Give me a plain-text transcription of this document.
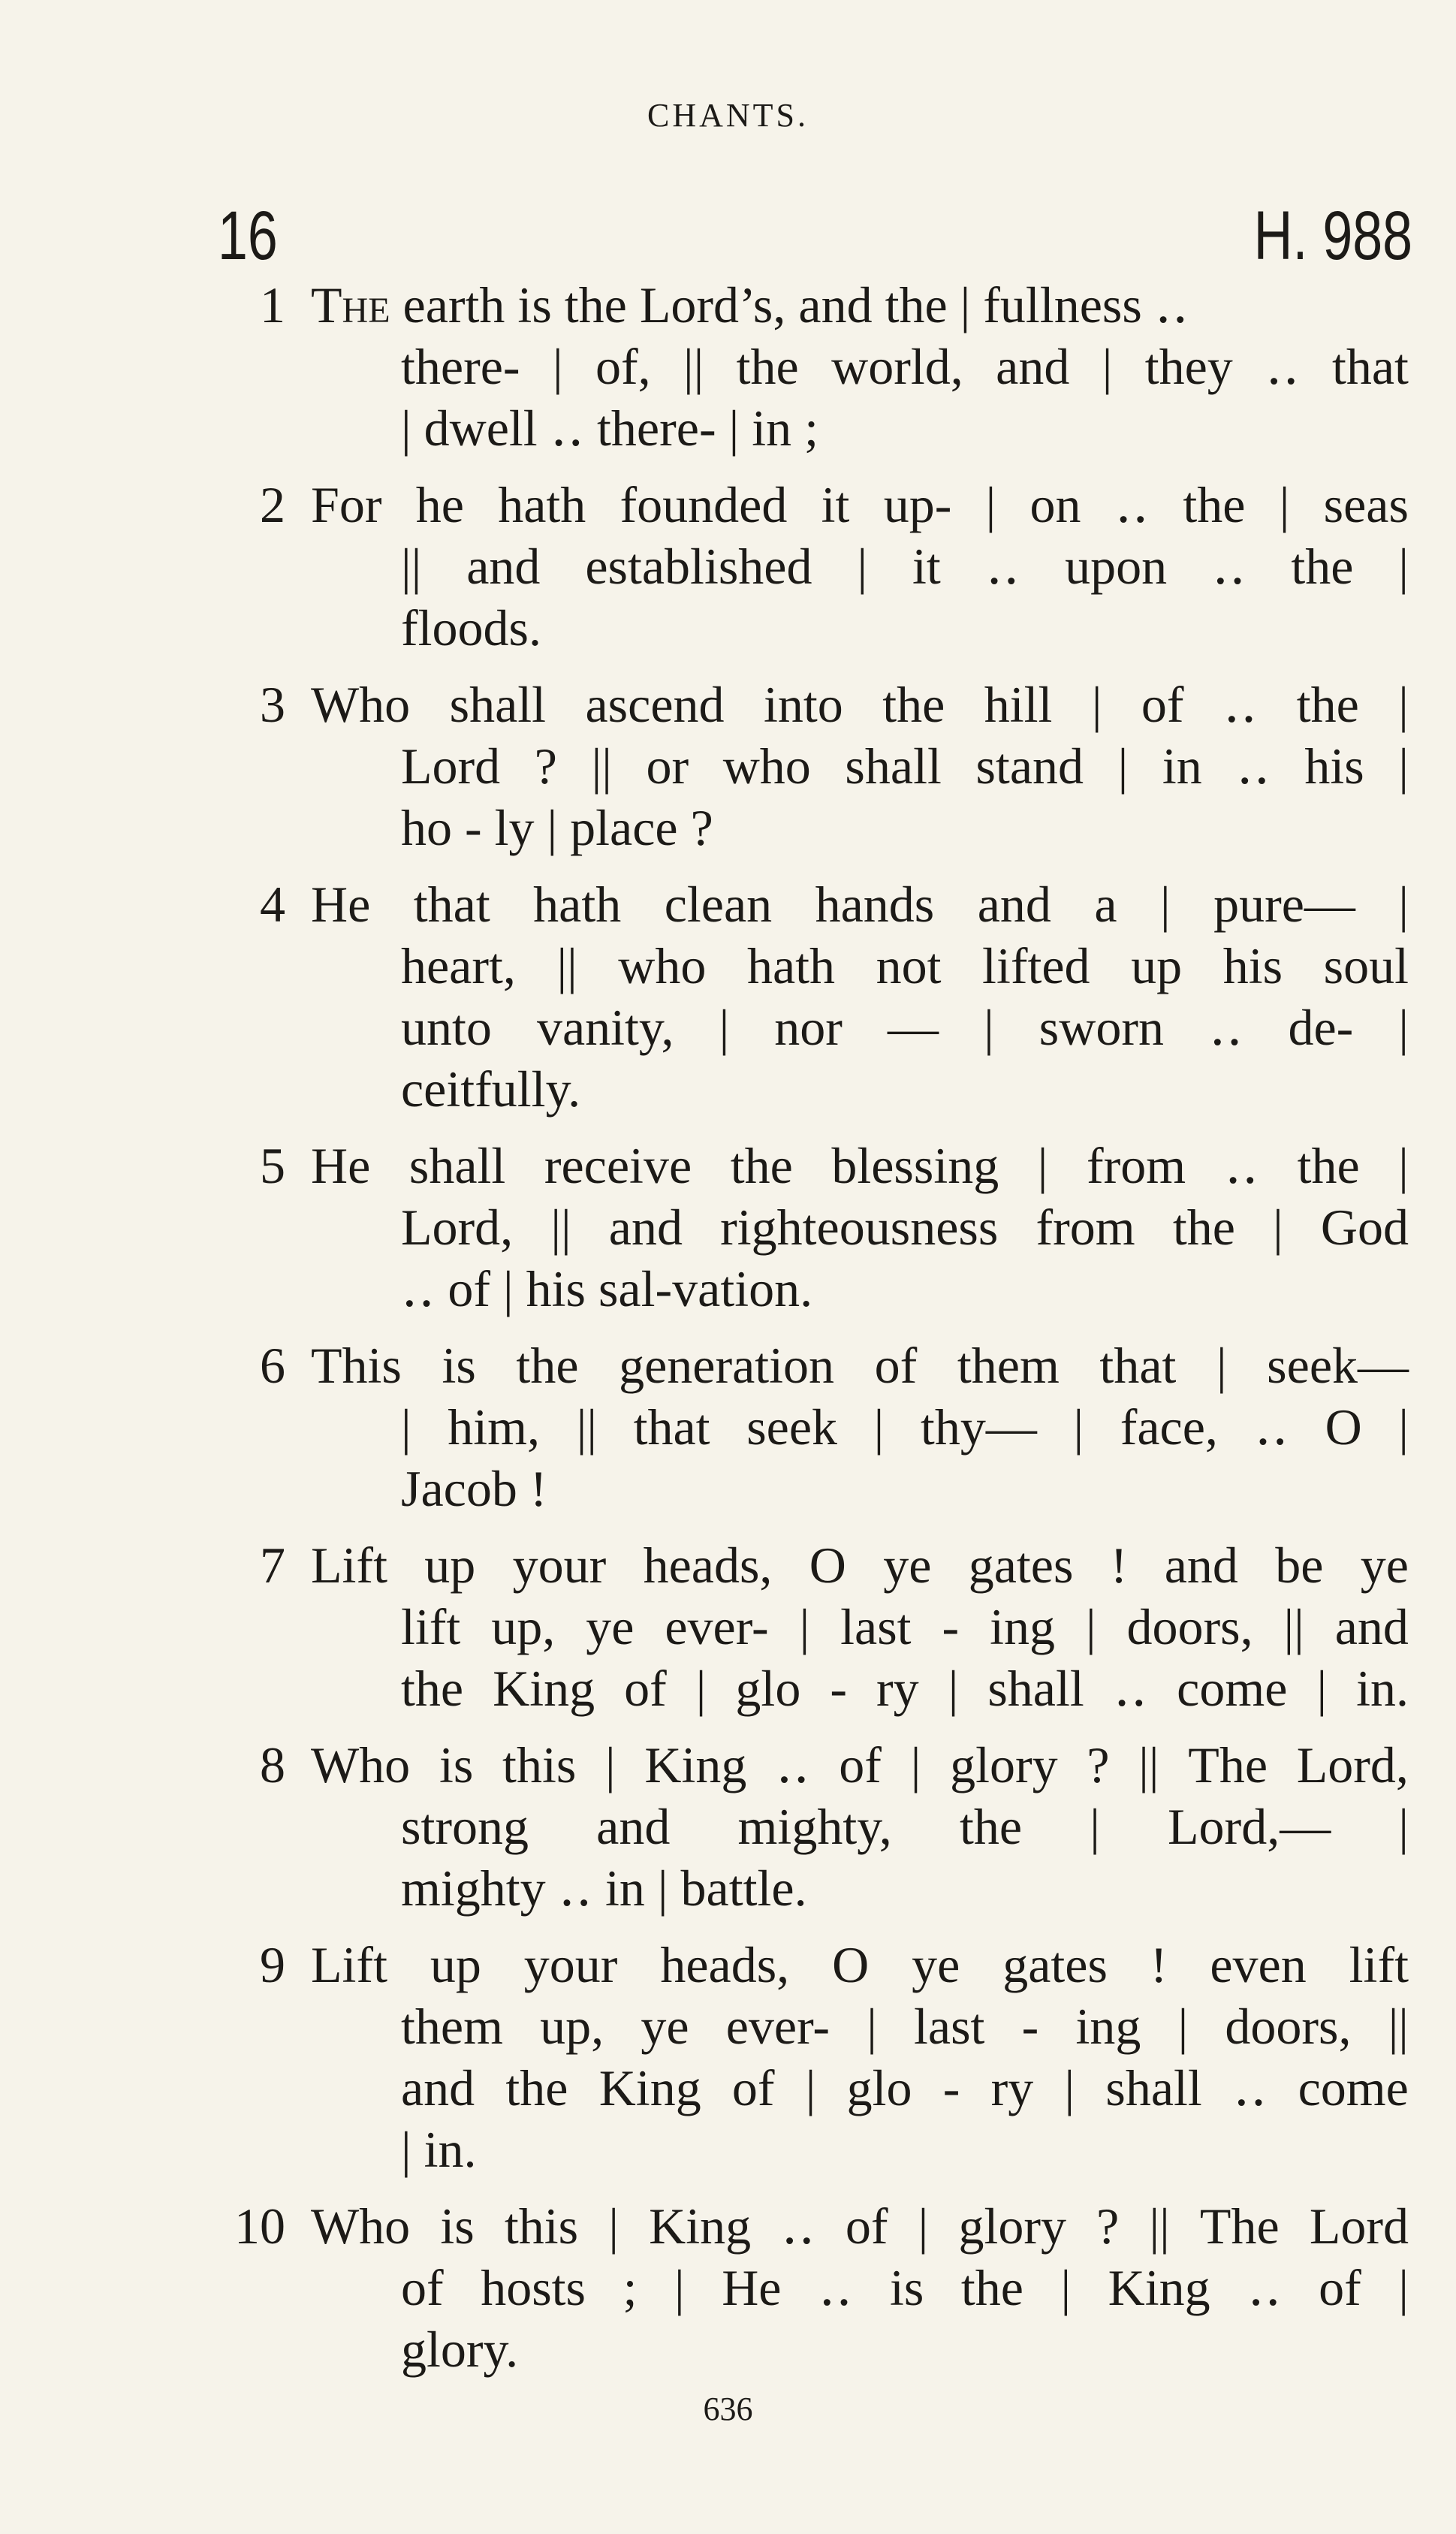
CHANTS.
16	H. 988
1 The earth is the Lord’s, and the | fullness ‥
there- | of, || the world, and | they ‥ that
| dwell ‥ there- | in ;
2 For he hath founded it up- | on ‥ the | seas
|| and established | it ‥ upon ‥ the |
floods.
3 Who shall ascend into the hill | of ‥ the |
Lord ? || or who shall stand | in ‥ his |
ho - ly | place ?
4 He that hath clean hands and a | pure— |
heart, || who hath not lifted up his soul
unto vanity, | nor — | sworn ‥ de- |
ceitfully.
5 He shall receive the blessing | from ‥ the |
Lord, || and righteousness from the | God
‥ of | his sal-vation.
6 This is the generation of them that | seek—
| him, || that seek | thy— | face, ‥ O |
Jacob !
7 Lift up your heads, O ye gates ! and be ye
lift up, ye ever- | last - ing | doors, || and
the King of | glo - ry | shall ‥ come | in.
8 Who is this | King ‥ of | glory ? || The Lord,
strong and mighty, the | Lord,— |
mighty ‥ in | battle.
9 Lift up your heads, O ye gates ! even lift
them up, ye ever- | last - ing | doors, ||
and the King of | glo - ry | shall ‥ come
| in.
10 Who is this | King ‥ of | glory ? || The Lord
of hosts ; | He ‥ is the | King ‥ of |
glory.
636
